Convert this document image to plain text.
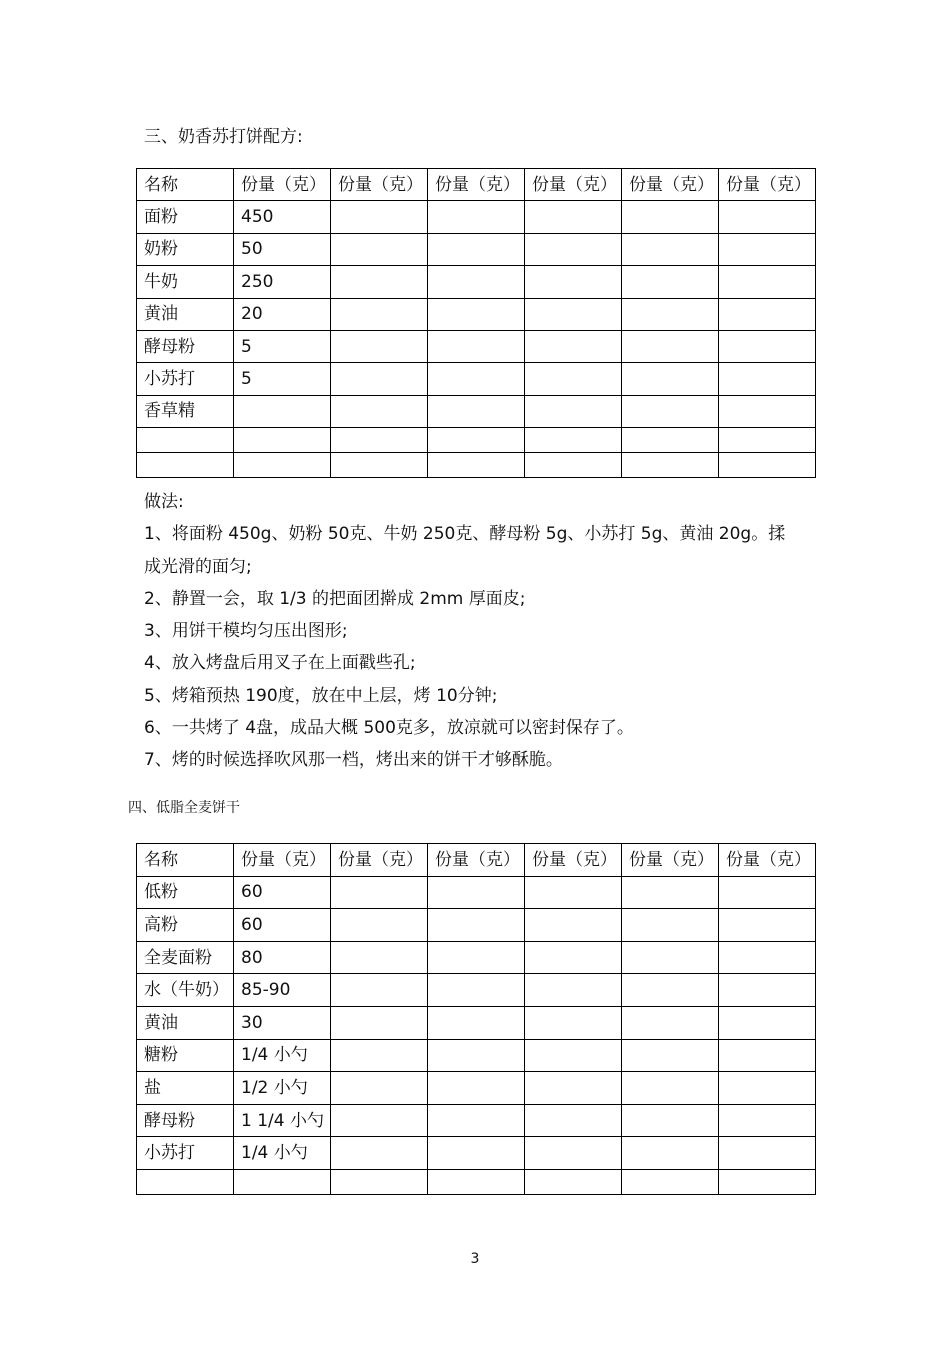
三、奶香苏打饼配方:
名称	份量（克）	份量（克）	份量（克）	份量（克）	份量（克）	份量（克）
面粉	450					
奶粉	50					
牛奶	250					
黄油	20					
酵母粉	5					
小苏打	5					
香草精						

做法:
1、将面粉 450g、奶粉 50克、牛奶 250克、酵母粉 5g、小苏打 5g、黄油 20g。揉
成光滑的面匀;
2、静置一会，取 1/3 的把面团擀成 2mm 厚面皮;
3、用饼干模均匀压出图形;
4、放入烤盘后用叉子在上面戳些孔;
5、烤箱预热 190度，放在中上层，烤 10分钟;
6、一共烤了 4盘，成品大概 500克多，放凉就可以密封保存了。
7、烤的时候选择吹风那一档，烤出来的饼干才够酥脆。
四、低脂全麦饼干
名称	份量（克）	份量（克）	份量（克）	份量（克）	份量（克）	份量（克）
低粉	60					
高粉	60					
全麦面粉	80					
水（牛奶）	85-90					
黄油	30					
糖粉	1/4 小勺					
盐	1/2 小勺					
酵母粉	1 1/4 小勺					
小苏打	1/4 小勺					

3
